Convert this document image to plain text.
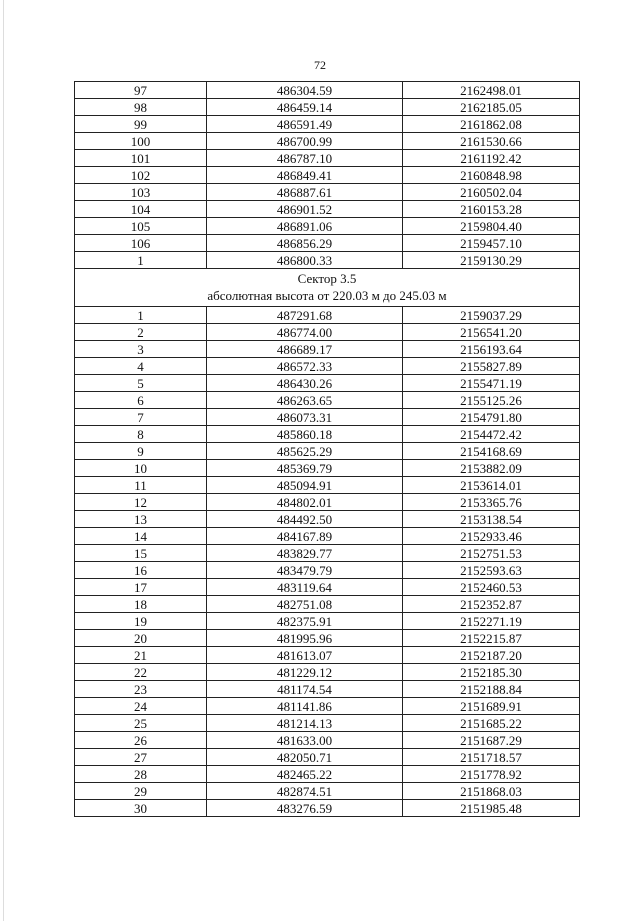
72
97	486304.59	2162498.01
98	486459.14	2162185.05
99	486591.49	2161862.08
100	486700.99	2161530.66
101	486787.10	2161192.42
102	486849.41	2160848.98
103	486887.61	2160502.04
104	486901.52	2160153.28
105	486891.06	2159804.40
106	486856.29	2159457.10
1	486800.33	2159130.29

Сектор 3.5
абсолютная высота от 220.03 м до 245.03 м		

1	487291.68	2159037.29
2	486774.00	2156541.20
3	486689.17	2156193.64
4	486572.33	2155827.89
5	486430.26	2155471.19
6	486263.65	2155125.26
7	486073.31	2154791.80
8	485860.18	2154472.42
9	485625.29	2154168.69
10	485369.79	2153882.09
11	485094.91	2153614.01
12	484802.01	2153365.76
13	484492.50	2153138.54
14	484167.89	2152933.46
15	483829.77	2152751.53
16	483479.79	2152593.63
17	483119.64	2152460.53
18	482751.08	2152352.87
19	482375.91	2152271.19
20	481995.96	2152215.87
21	481613.07	2152187.20
22	481229.12	2152185.30
23	481174.54	2152188.84
24	481141.86	2151689.91
25	481214.13	2151685.22
26	481633.00	2151687.29
27	482050.71	2151718.57
28	482465.22	2151778.92
29	482874.51	2151868.03
30	483276.59	2151985.48
